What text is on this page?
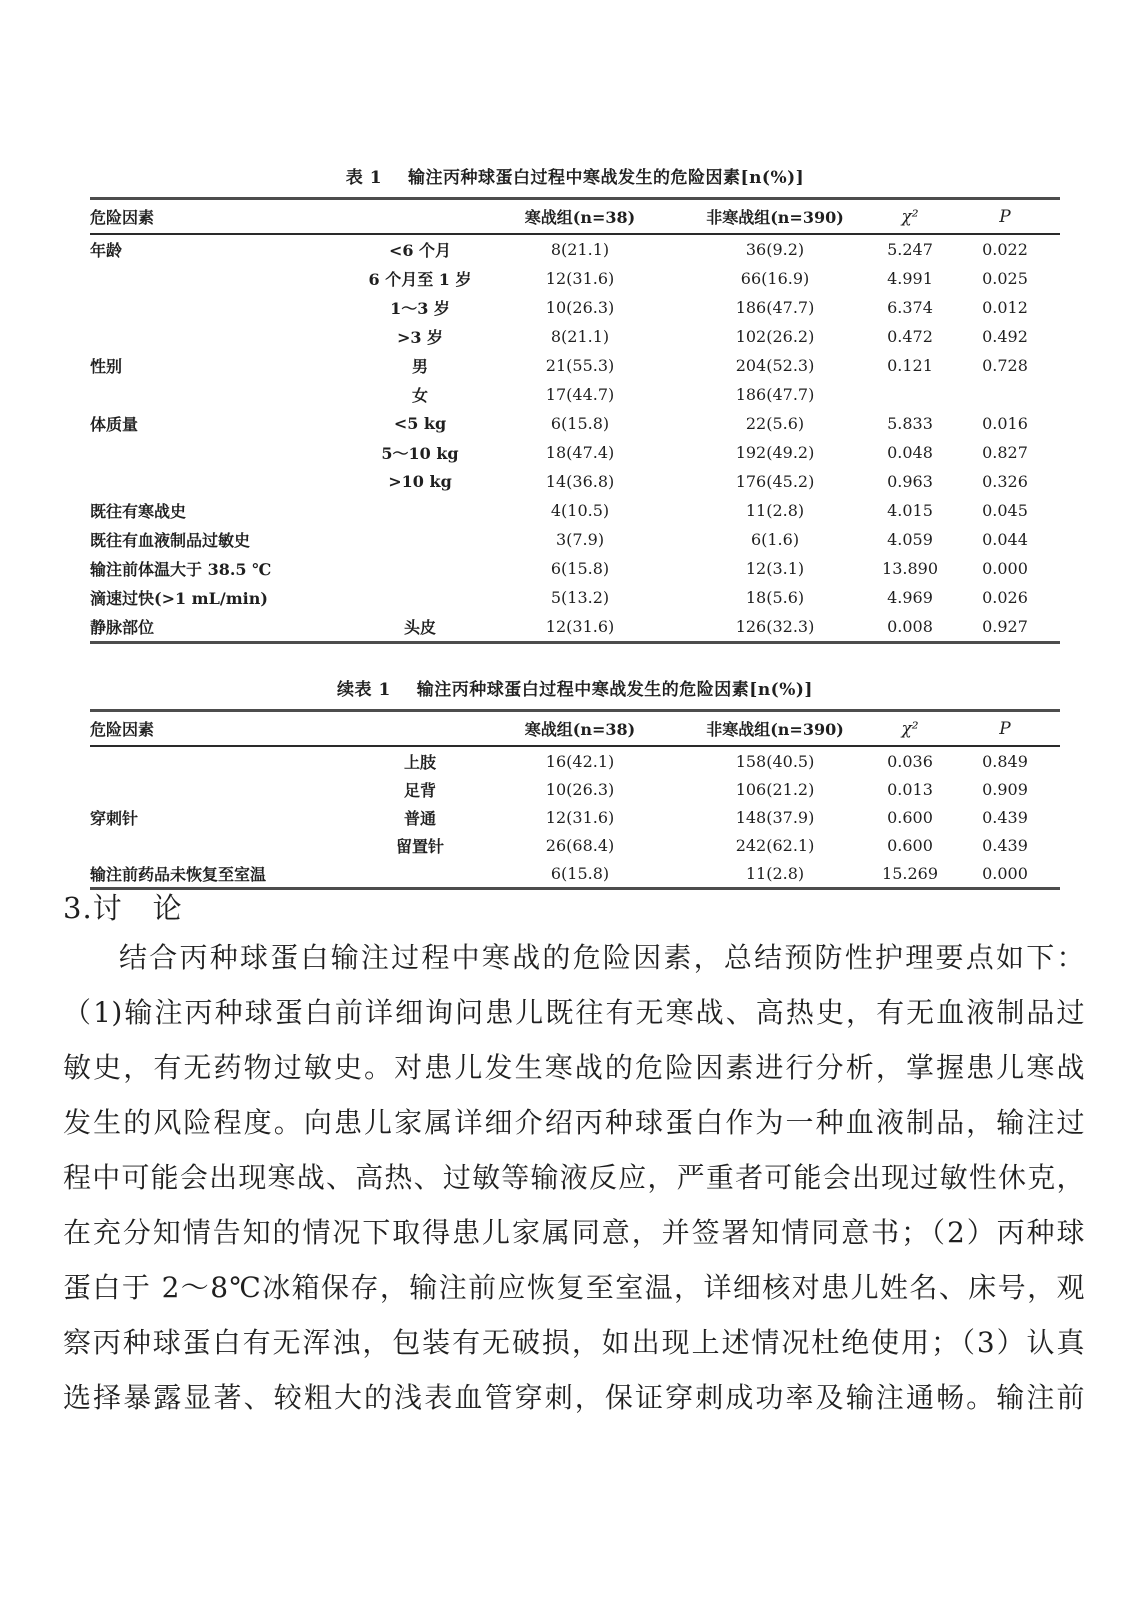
表 1 输注丙种球蛋白过程中寒战发生的危险因素[n(%)]
危险因素		寒战组(n=38)	非寒战组(n=390)	χ²	P
年龄	<6 个月	8(21.1)	36(9.2)	5.247	0.022
	6 个月至 1 岁	12(31.6)	66(16.9)	4.991	0.025
	1～3 岁	10(26.3)	186(47.7)	6.374	0.012
	>3 岁	8(21.1)	102(26.2)	0.472	0.492
性别	男	21(55.3)	204(52.3)	0.121	0.728
	女	17(44.7)	186(47.7)		
体质量	<5 kg	6(15.8)	22(5.6)	5.833	0.016
	5～10 kg	18(47.4)	192(49.2)	0.048	0.827
	>10 kg	14(36.8)	176(45.2)	0.963	0.326
既往有寒战史		4(10.5)	11(2.8)	4.015	0.045
既往有血液制品过敏史		3(7.9)	6(1.6)	4.059	0.044
输注前体温大于 38.5 ℃		6(15.8)	12(3.1)	13.890	0.000
滴速过快(>1 mL/min)		5(13.2)	18(5.6)	4.969	0.026
静脉部位	头皮	12(31.6)	126(32.3)	0.008	0.927
续表 1 输注丙种球蛋白过程中寒战发生的危险因素[n(%)]
危险因素		寒战组(n=38)	非寒战组(n=390)	χ²	P
	上肢	16(42.1)	158(40.5)	0.036	0.849
	足背	10(26.3)	106(21.2)	0.013	0.909
穿刺针	普通	12(31.6)	148(37.9)	0.600	0.439
	留置针	26(68.4)	242(62.1)	0.600	0.439
输注前药品未恢复至室温		6(15.8)	11(2.8)	15.269	0.000
3.讨　论
结合丙种球蛋白输注过程中寒战的危险因素，总结预防性护理要点如下：
（1)输注丙种球蛋白前详细询问患儿既往有无寒战、高热史，有无血液制品过
敏史，有无药物过敏史。对患儿发生寒战的危险因素进行分析，掌握患儿寒战
发生的风险程度。向患儿家属详细介绍丙种球蛋白作为一种血液制品，输注过
程中可能会出现寒战、高热、过敏等输液反应，严重者可能会出现过敏性休克，
在充分知情告知的情况下取得患儿家属同意，并签署知情同意书；（2）丙种球
蛋白于 2～8℃冰箱保存，输注前应恢复至室温，详细核对患儿姓名、床号，观
察丙种球蛋白有无浑浊，包装有无破损，如出现上述情况杜绝使用；（3）认真
选择暴露显著、较粗大的浅表血管穿刺，保证穿刺成功率及输注通畅。输注前
